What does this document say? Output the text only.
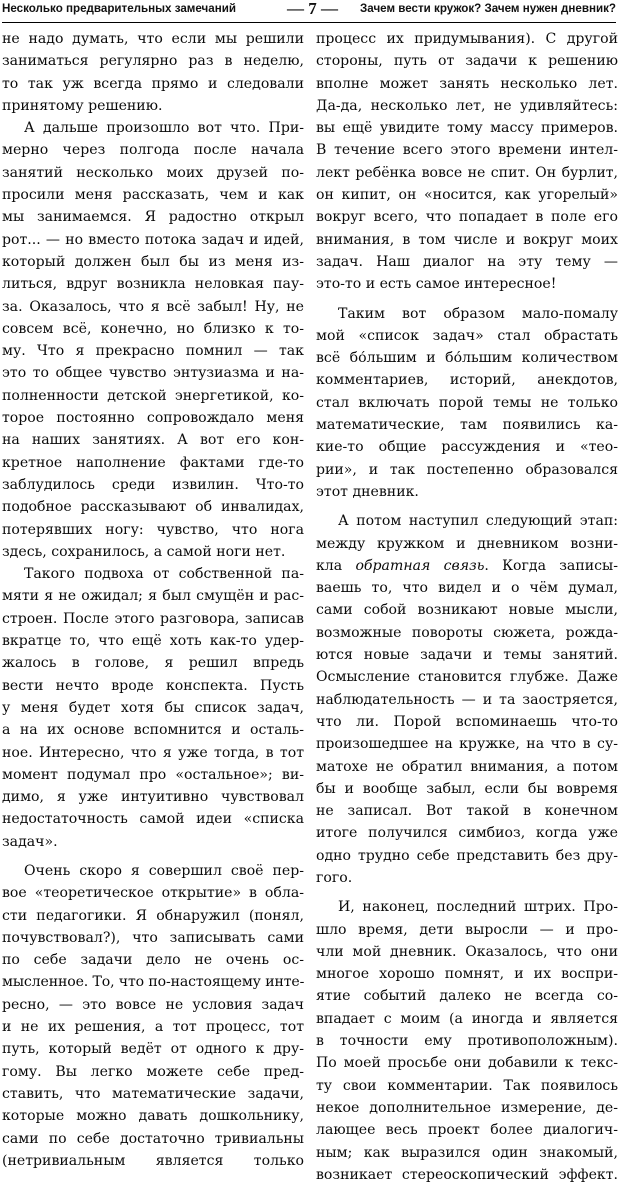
Несколько предварительных замечаний	— 7 — Зачем вести кружок? Зачем нужен дневник?
не надо думать, что если мы решили
заниматься регулярно раз в неделю,
то так уж всегда прямо и следовали
принятому решению.
А дальше произошло вот что. При-
мерно через полгода после начала
занятий несколько моих друзей по-
просили меня рассказать, чем и как
мы занимаемся. Я радостно открыл
рот... — но вместо потока задач и идей,
который должен был бы из меня из-
литься, вдруг возникла неловкая пау-
за. Оказалось, что я всё забыл! Ну, не
совсем всё, конечно, но близко к то-
му. Что я прекрасно помнил — так
это то общее чувство энтузиазма и на-
полненности детской энергетикой, ко-
торое постоянно сопровождало меня
на наших занятиях. А вот его кон-
кретное наполнение фактами где-то
заблудилось среди извилин. Что-то
подобное рассказывают об инвалидах,
потерявших ногу: чувство, что нога
здесь, сохранилось, а самой ноги нет.
Такого подвоха от собственной па-
мяти я не ожидал; я был смущён и рас-
строен. После этого разговора, записав
вкратце то, что ещё хоть как-то удер-
жалось в голове, я решил впредь
вести нечто вроде конспекта. Пусть
у меня будет хотя бы список задач,
а на их основе вспомнится и осталь-
ное. Интересно, что я уже тогда, в тот
момент подумал про «остальное»; ви-
димо, я уже интуитивно чувствовал
недостаточность самой идеи «списка
задач».
Очень скоро я совершил своё пер-
вое «теоретическое открытие» в обла-
сти педагогики. Я обнаружил (понял,
почувствовал?), что записывать сами
по себе задачи дело не очень ос-
мысленное. То, что по-настоящему инте-
ресно, — это вовсе не условия задач
и не их решения, а тот процесс, тот
путь, который ведёт от одного к дру-
гому. Вы легко можете себе пред-
ставить, что математические задачи,
которые можно давать дошкольнику,
сами по себе достаточно тривиальны
(нетривиальным является только
процесс их придумывания). С другой
стороны, путь от задачи к решению
вполне может занять несколько лет.
Да-да, несколько лет, не удивляйтесь:
вы ещё увидите тому массу примеров.
В течение всего этого времени интел-
лект ребёнка вовсе не спит. Он бурлит,
он кипит, он «носится, как угорелый»
вокруг всего, что попадает в поле его
внимания, в том числе и вокруг моих
задач. Наш диалог на эту тему —
это-то и есть самое интересное!
Таким вот образом мало-помалу
мой «список задач» стал обрастать
всё бо́льшим и бо́льшим количеством
комментариев, историй, анекдотов,
стал включать порой темы не только
математические, там появились ка-
кие-то общие рассуждения и «тео-
рии», и так постепенно образовался
этот дневник.
А потом наступил следующий этап:
между кружком и дневником возни-
кла обратная связь. Когда записы-
ваешь то, что видел и о чём думал,
сами собой возникают новые мысли,
возможные повороты сюжета, рожда-
ются новые задачи и темы занятий.
Осмысление становится глубже. Даже
наблюдательность — и та заостряется,
что ли. Порой вспоминаешь что-то
произошедшее на кружке, на что в су-
матохе не обратил внимания, а потом
бы и вообще забыл, если бы вовремя
не записал. Вот такой в конечном
итоге получился симбиоз, когда уже
одно трудно себе представить без дру-
гого.
И, наконец, последний штрих. Про-
шло время, дети выросли — и про-
чли мой дневник. Оказалось, что они
многое хорошо помнят, и их воспри-
ятие событий далеко не всегда со-
впадает с моим (а иногда и является
в точности ему противоположным).
По моей просьбе они добавили к текс-
ту свои комментарии. Так появилось
некое дополнительное измерение, де-
лающее весь проект более диалогич-
ным; как выразился один знакомый,
возникает стереоскопический эффект.
